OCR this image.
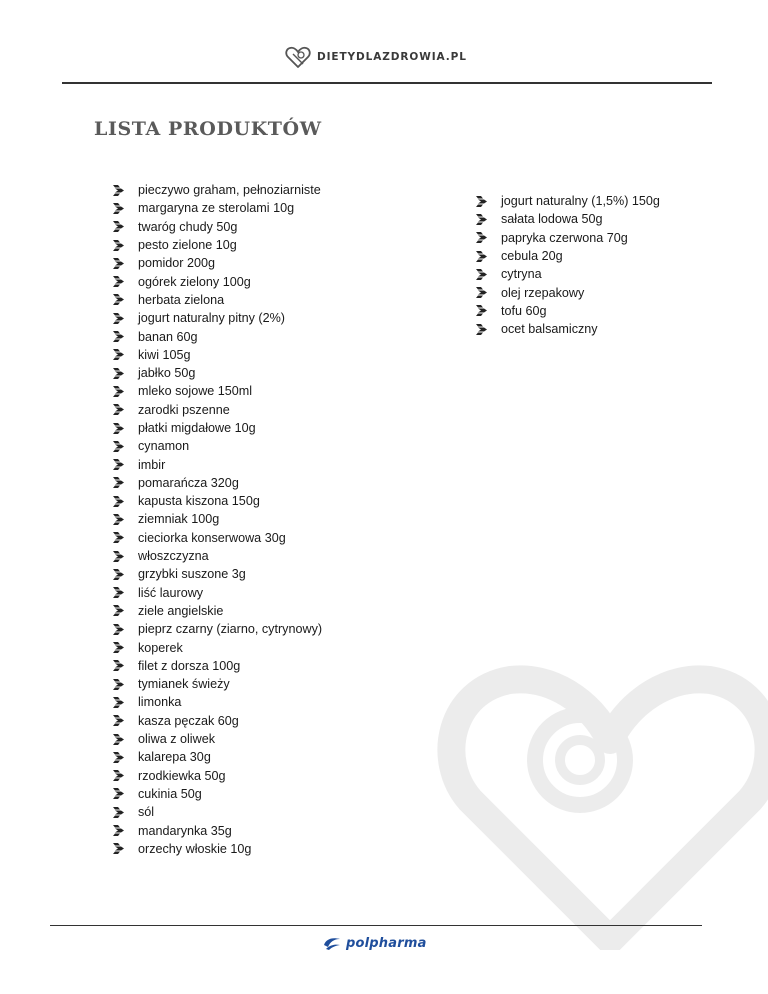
DIETYDLAZDROWIA.PL
LISTA PRODUKTÓW
pieczywo graham, pełnoziarniste
margaryna ze sterolami 10g
twaróg chudy 50g
pesto zielone 10g
pomidor 200g
ogórek zielony 100g
herbata zielona
jogurt naturalny pitny (2%)
banan 60g
kiwi 105g
jabłko 50g
mleko sojowe 150ml
zarodki pszenne
płatki migdałowe 10g
cynamon
imbir
pomarańcza 320g
kapusta kiszona 150g
ziemniak 100g
cieciorka konserwowa 30g
włoszczyzna
grzybki suszone 3g
liść laurowy
ziele angielskie
pieprz czarny (ziarno, cytrynowy)
koperek
filet z dorsza 100g
tymianek świeży
limonka
kasza pęczak 60g
oliwa z oliwek
kalarepa 30g
rzodkiewka 50g
cukinia 50g
sól
mandarynka 35g
orzechy włoskie 10g
jogurt naturalny (1,5%) 150g
sałata lodowa 50g
papryka czerwona 70g
cebula 20g
cytryna
olej rzepakowy
tofu 60g
ocet balsamiczny
polpharma
